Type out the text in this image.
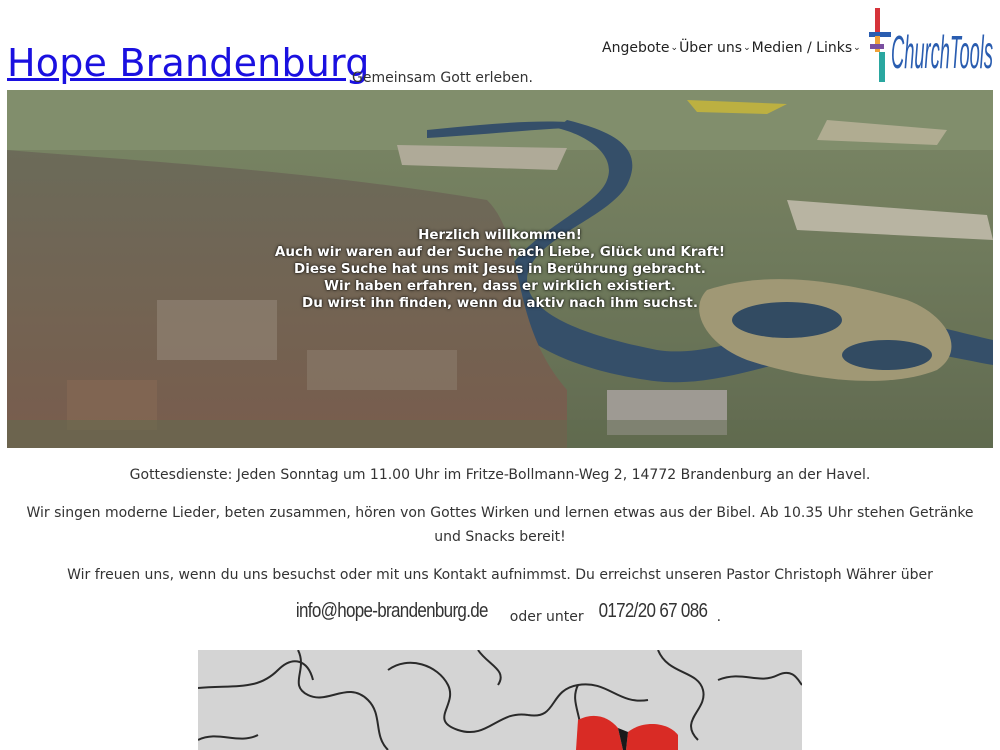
Hope Brandenburg
Gemeinsam Gott erleben.
Angebote ⌄ Über uns ⌄ Medien / Links ⌄ ChurchTools
Herzlich willkommen!
Auch wir waren auf der Suche nach Liebe, Glück und Kraft!
Diese Suche hat uns mit Jesus in Berührung gebracht.
Wir haben erfahren, dass er wirklich existiert.
Du wirst ihn finden, wenn du aktiv nach ihm suchst.

Gottesdienste: Jeden Sonntag um 11.00 Uhr im Fritze-Bollmann-Weg 2, 14772 Brandenburg an der Havel.

Wir singen moderne Lieder, beten zusammen, hören von Gottes Wirken und lernen etwas aus der Bibel. Ab 10.35 Uhr stehen Getränke und Snacks bereit!

Wir freuen uns, wenn du uns besuchst oder mit uns Kontakt aufnimmst. Du erreichst unseren Pastor Christoph Währer über

info@hope-brandenburg.de oder unter 0172/20 67 086 .
